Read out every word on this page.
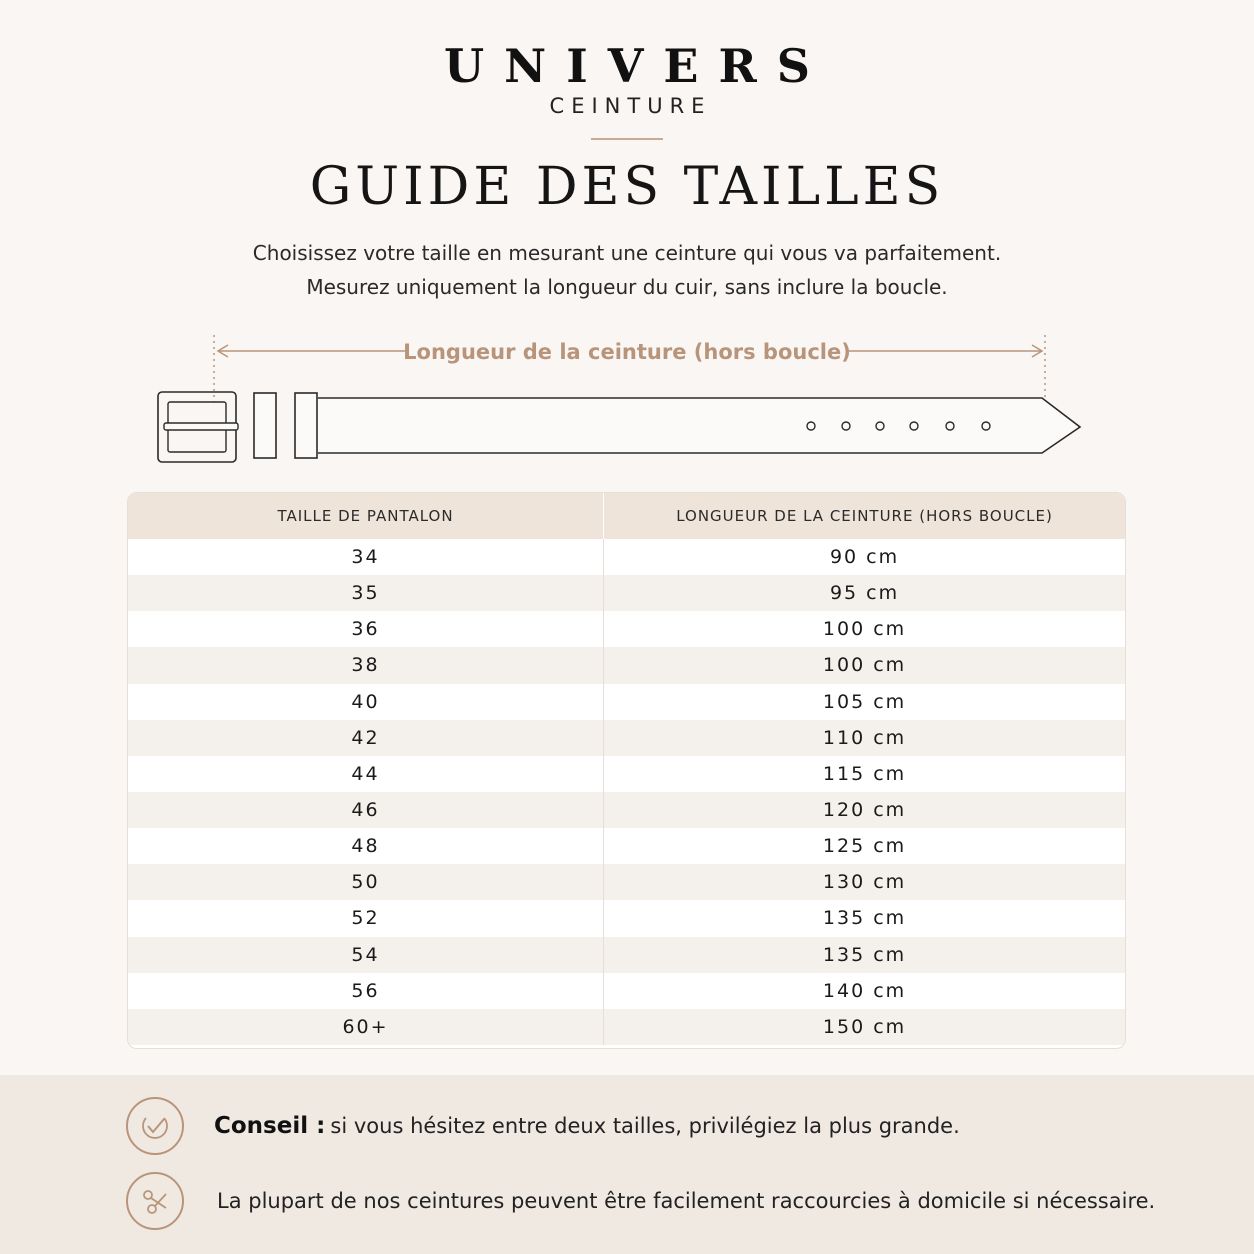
UNIVERS
CEINTURE
GUIDE DES TAILLES
Choisissez votre taille en mesurant une ceinture qui vous va parfaitement.
Mesurez uniquement la longueur du cuir, sans inclure la boucle.
Longueur de la ceinture (hors boucle)
TAILLE DE PANTALON	LONGUEUR DE LA CEINTURE (HORS BOUCLE)
34	90 cm
35	95 cm
36	100 cm
38	100 cm
40	105 cm
42	110 cm
44	115 cm
46	120 cm
48	125 cm
50	130 cm
52	135 cm
54	135 cm
56	140 cm
60+	150 cm
Conseil : si vous hésitez entre deux tailles, privilégiez la plus grande.
La plupart de nos ceintures peuvent être facilement raccourcies à domicile si nécessaire.
